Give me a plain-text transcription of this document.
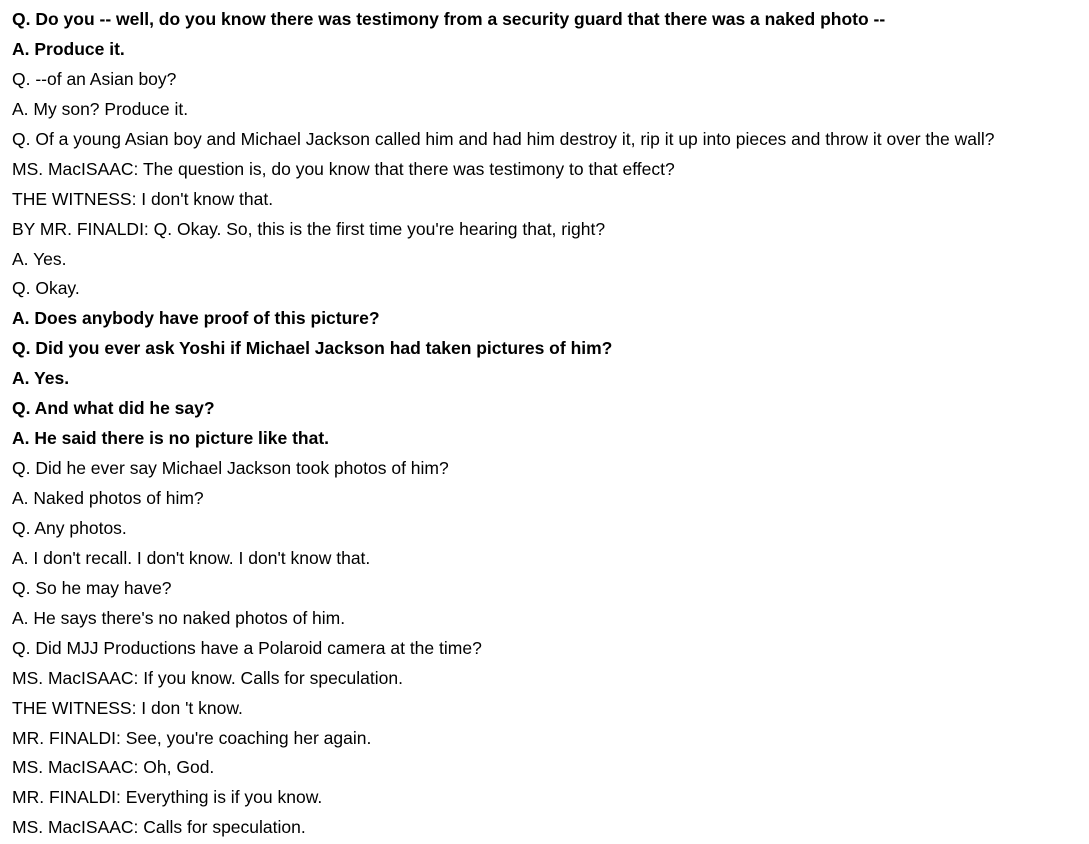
Q. Do you -- well, do you know there was testimony from a security guard that there was a naked photo --
A. Produce it.
Q. --of an Asian boy?
A. My son? Produce it.
Q. Of a young Asian boy and Michael Jackson called him and had him destroy it, rip it up into pieces and throw it over the wall?
MS. MacISAAC: The question is, do you know that there was testimony to that effect?
THE WITNESS: I don't know that.
BY MR. FINALDI: Q. Okay. So, this is the first time you're hearing that, right?
A. Yes.
Q. Okay.
A. Does anybody have proof of this picture?
Q. Did you ever ask Yoshi if Michael Jackson had taken pictures of him?
A. Yes.
Q. And what did he say?
A. He said there is no picture like that.
Q. Did he ever say Michael Jackson took photos of him?
A. Naked photos of him?
Q. Any photos.
A. I don't recall. I don't know. I don't know that.
Q. So he may have?
A. He says there's no naked photos of him.
Q. Did MJJ Productions have a Polaroid camera at the time?
MS. MacISAAC: If you know. Calls for speculation.
THE WITNESS: I don 't know.
MR. FINALDI: See, you're coaching her again.
MS. MacISAAC: Oh, God.
MR. FINALDI: Everything is if you know.
MS. MacISAAC: Calls for speculation.
